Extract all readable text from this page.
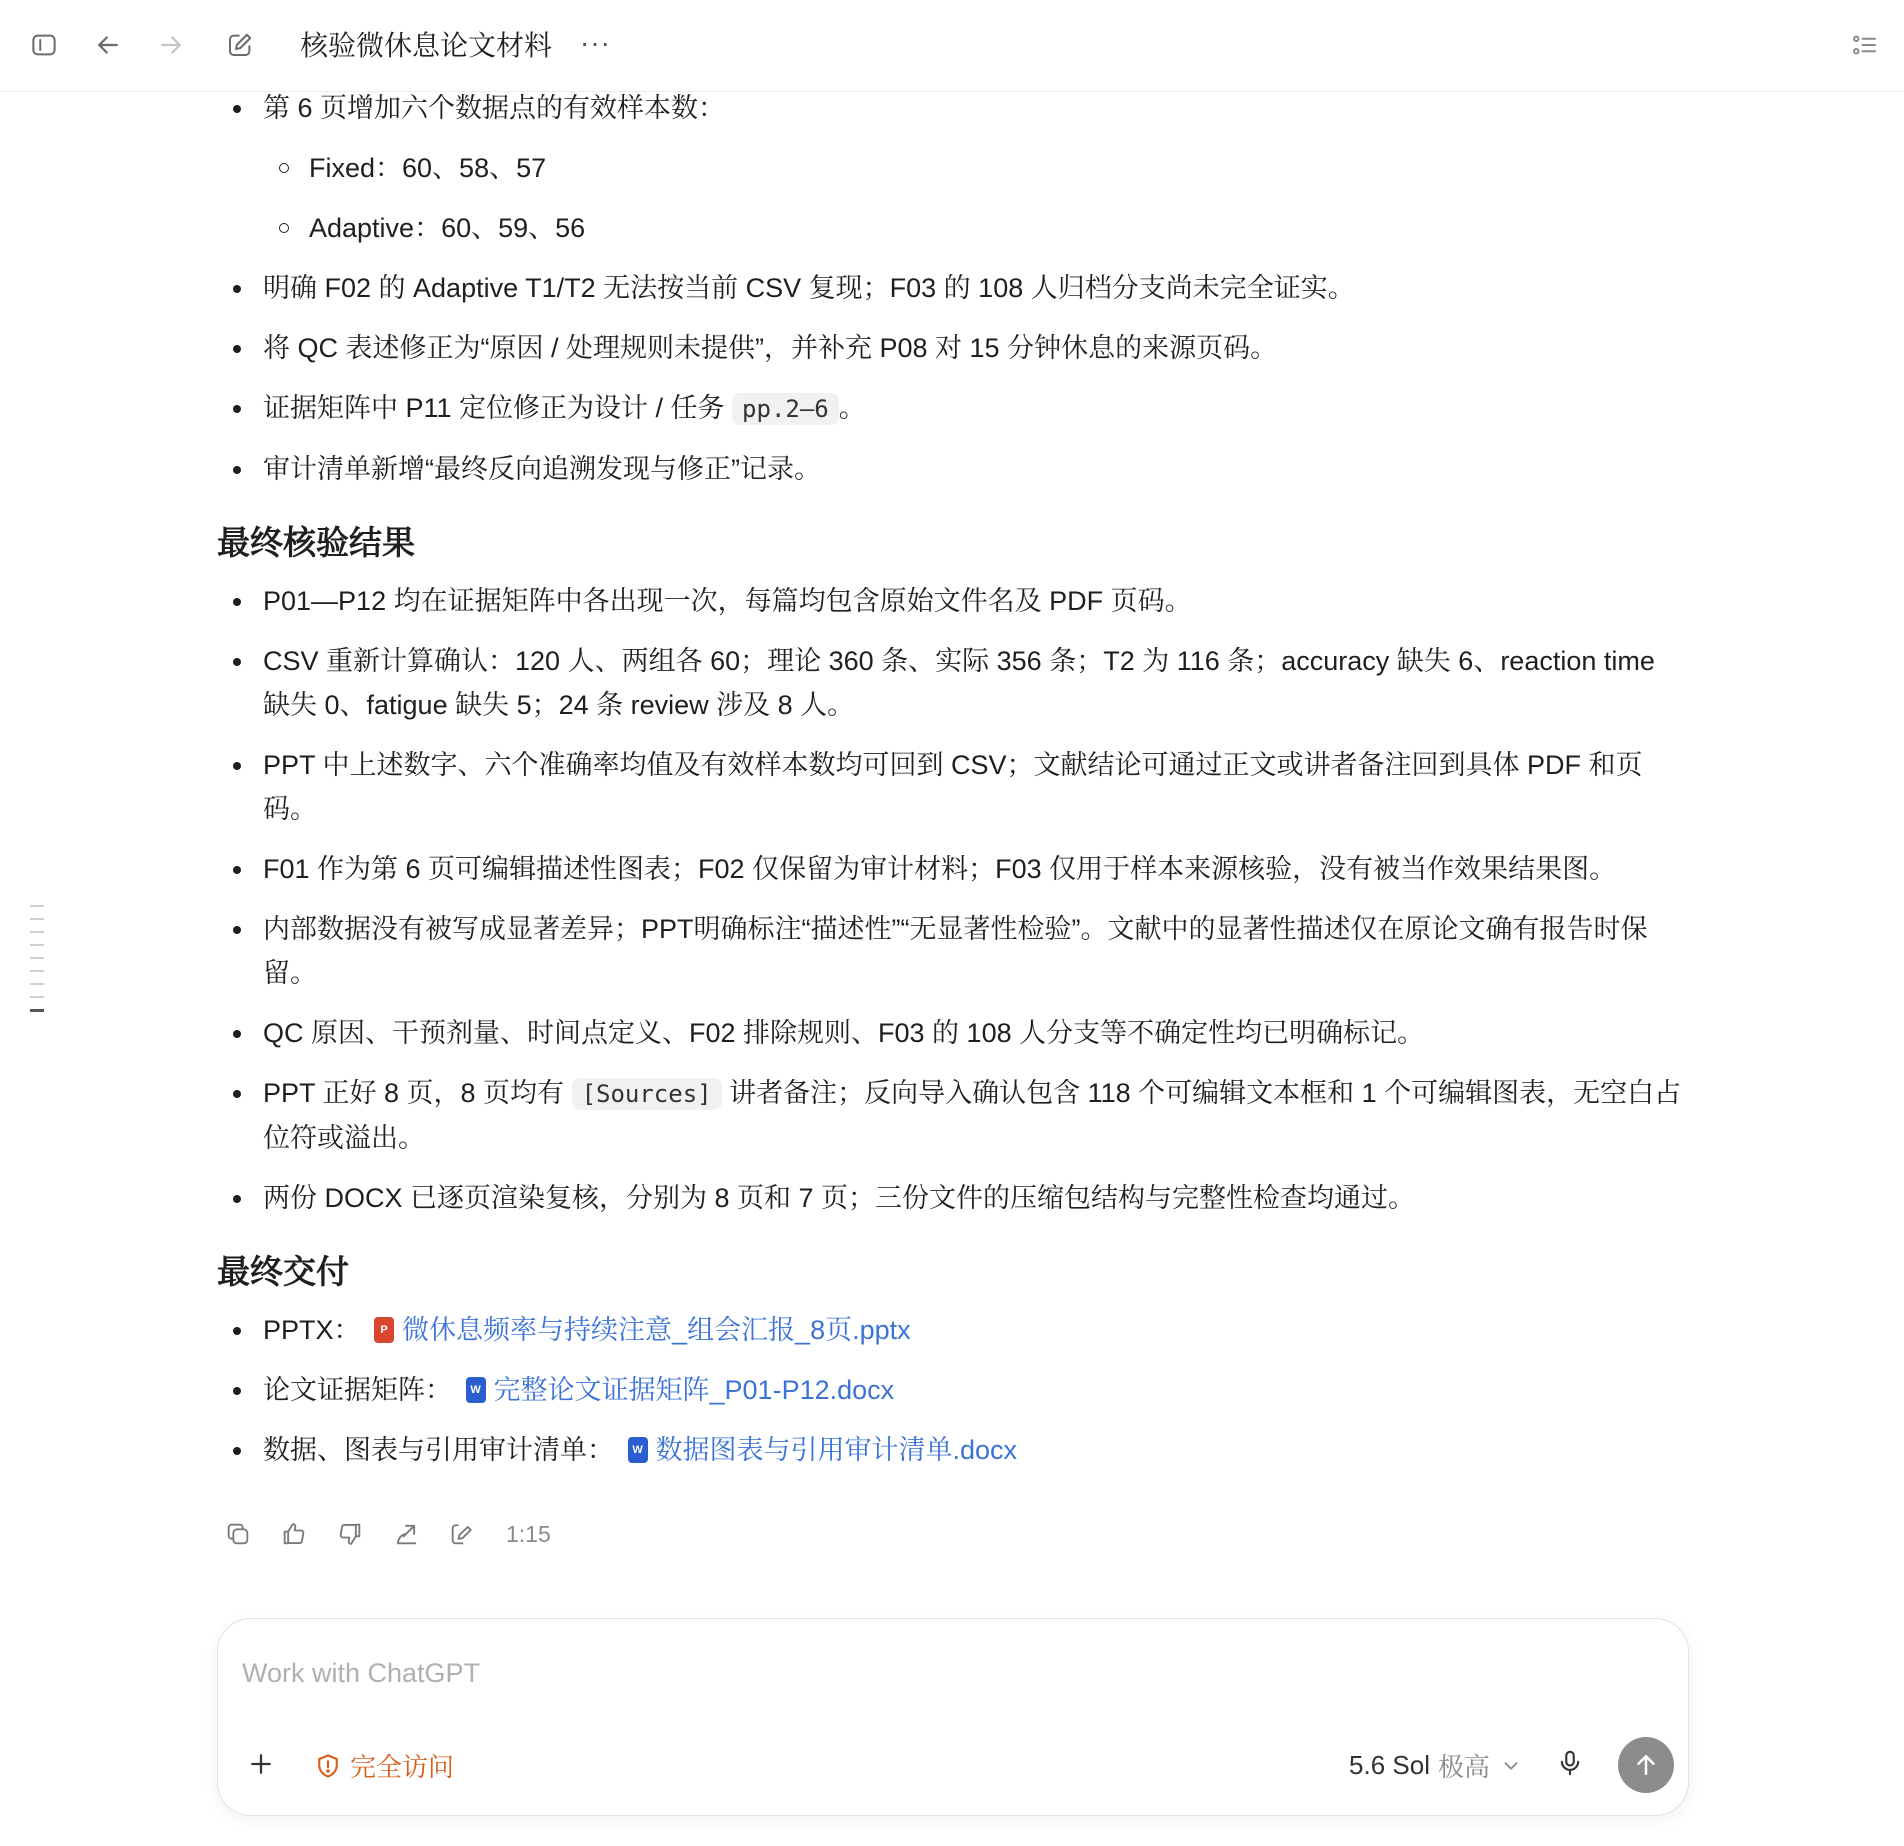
核验微休息论文材料 ···
第 6 页增加六个数据点的有效样本数：
Fixed：60、58、57
Adaptive：60、59、56
明确 F02 的 Adaptive T1/T2 无法按当前 CSV 复现；F03 的 108 人归档分支尚未完全证实。
将 QC 表述修正为“原因 / 处理规则未提供”，并补充 P08 对 15 分钟休息的来源页码。
证据矩阵中 P11 定位修正为设计 / 任务 pp.2–6 。
审计清单新增“最终反向追溯发现与修正”记录。
最终核验结果
P01—P12 均在证据矩阵中各出现一次，每篇均包含原始文件名及 PDF 页码。
CSV 重新计算确认：120 人、两组各 60；理论 360 条、实际 356 条；T2 为 116 条；accuracy 缺失 6、reaction time 缺失 0、fatigue 缺失 5；24 条 review 涉及 8 人。
PPT 中上述数字、六个准确率均值及有效样本数均可回到 CSV；文献结论可通过正文或讲者备注回到具体 PDF 和页码。
F01 作为第 6 页可编辑描述性图表；F02 仅保留为审计材料；F03 仅用于样本来源核验，没有被当作效果结果图。
内部数据没有被写成显著差异；PPT明确标注“描述性”“无显著性检验”。文献中的显著性描述仅在原论文确有报告时保留。
QC 原因、干预剂量、时间点定义、F02 排除规则、F03 的 108 人分支等不确定性均已明确标记。
PPT 正好 8 页，8 页均有 [Sources] 讲者备注；反向导入确认包含 118 个可编辑文本框和 1 个可编辑图表，无空白占位符或溢出。
两份 DOCX 已逐页渲染复核，分别为 8 页和 7 页；三份文件的压缩包结构与完整性检查均通过。
最终交付
PPTX：	P 微休息频率与持续注意_组会汇报_8页.pptx
论文证据矩阵：	W 完整论文证据矩阵_P01-P12.docx
数据、图表与引用审计清单：	W 数据图表与引用审计清单.docx
1:15
Work with ChatGPT
完全访问	5.6 Sol 极高
